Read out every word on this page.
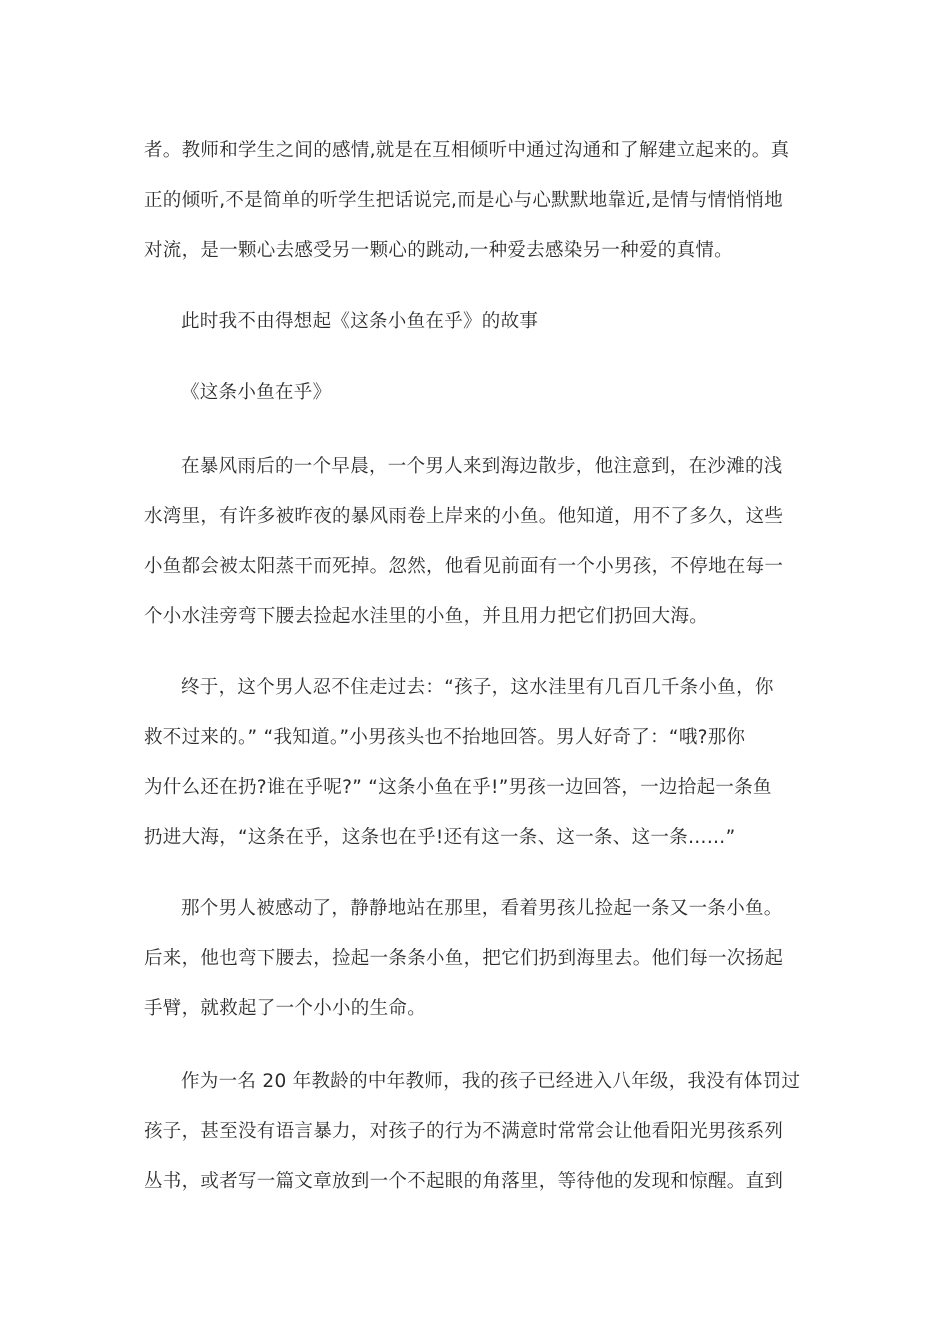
者。教师和学生之间的感情,就是在互相倾听中通过沟通和了解建立起来的。真
正的倾听,不是简单的听学生把话说完,而是心与心默默地靠近,是情与情悄悄地
对流，是一颗心去感受另一颗心的跳动,一种爱去感染另一种爱的真情。
此时我不由得想起《这条小鱼在乎》的故事
《这条小鱼在乎》
在暴风雨后的一个早晨，一个男人来到海边散步，他注意到，在沙滩的浅
水湾里，有许多被昨夜的暴风雨卷上岸来的小鱼。他知道，用不了多久，这些
小鱼都会被太阳蒸干而死掉。忽然，他看见前面有一个小男孩，不停地在每一
个小水洼旁弯下腰去捡起水洼里的小鱼，并且用力把它们扔回大海。
终于，这个男人忍不住走过去：“孩子，这水洼里有几百几千条小鱼，你
救不过来的。” “我知道。”小男孩头也不抬地回答。男人好奇了：“哦?那你
为什么还在扔?谁在乎呢?” “这条小鱼在乎!”男孩一边回答，一边拾起一条鱼
扔进大海，“这条在乎，这条也在乎!还有这一条、这一条、这一条……”
那个男人被感动了，静静地站在那里，看着男孩儿捡起一条又一条小鱼。
后来，他也弯下腰去，捡起一条条小鱼，把它们扔到海里去。他们每一次扬起
手臂，就救起了一个小小的生命。
作为一名 20 年教龄的中年教师，我的孩子已经进入八年级，我没有体罚过
孩子，甚至没有语言暴力，对孩子的行为不满意时常常会让他看阳光男孩系列
丛书，或者写一篇文章放到一个不起眼的角落里，等待他的发现和惊醒。直到
